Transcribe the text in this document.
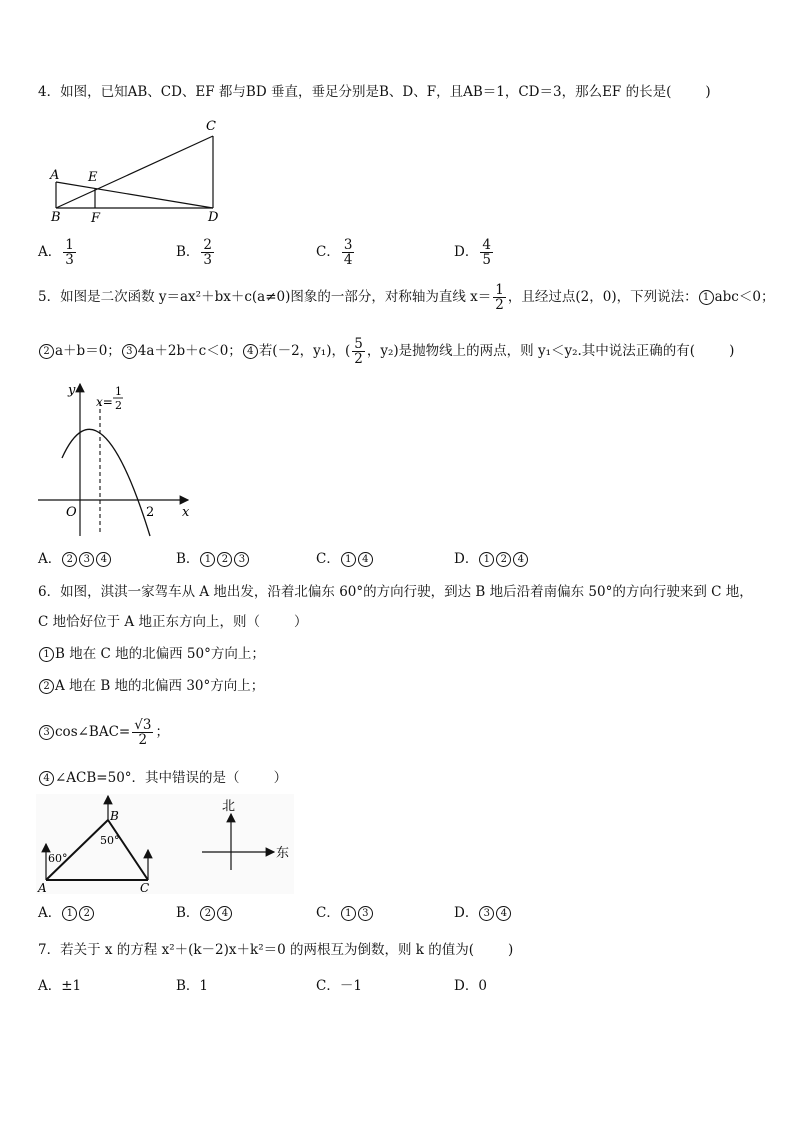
4．如图，已知AB、CD、EF 都与BD 垂直，垂足分别是B、D、F，且AB＝1，CD＝3，那么EF 的长是(	)
A
B
C
D
E
F
A． $\frac{1}{3}$	B． $\frac{2}{3}$	C． $\frac{3}{4}$	D． $\frac{4}{5}$
5．如图是二次函数 y＝ax²＋bx＋c(a≠0)图象的一部分，对称轴为直线 $x= \frac{1}{2}$ ，且经过点(2，0)，下列说法： 1 abc＜0；
2 a＋b＝0； 3 4a＋2b＋c＜0； 4 若(－2，y₁)，( $\frac{5}{2}$ ，y₂)是抛物线上的两点，则 y₁＜y₂.其中说法正确的有(	)
y
x
O	2
x=
1
2
A． 2 3 4	B． 1 2 3	C． 1 4	D． 1 2 4
6．如图，淇淇一家驾车从 A 地出发，沿着北偏东 60°的方向行驶，到达 B 地后沿着南偏东 50°的方向行驶来到 C 地，
C 地恰好位于 A 地正东方向上，则（	）
1 B 地在 C 地的北偏西 50°方向上；
2 A 地在 B 地的北偏西 30°方向上；
3 cos∠BAC= $\frac{√3}{2}$ ；
4 ∠ACB=50°．其中错误的是（	）
A
B
C
60°
50°
北
东
A． 1 2	B． 2 4	C． 1 3	D． 3 4
7．若关于 x 的方程 x²＋(k－2)x＋k²＝0 的两根互为倒数，则 k 的值为(	)
A．±1	B．1	C．－1	D．0
